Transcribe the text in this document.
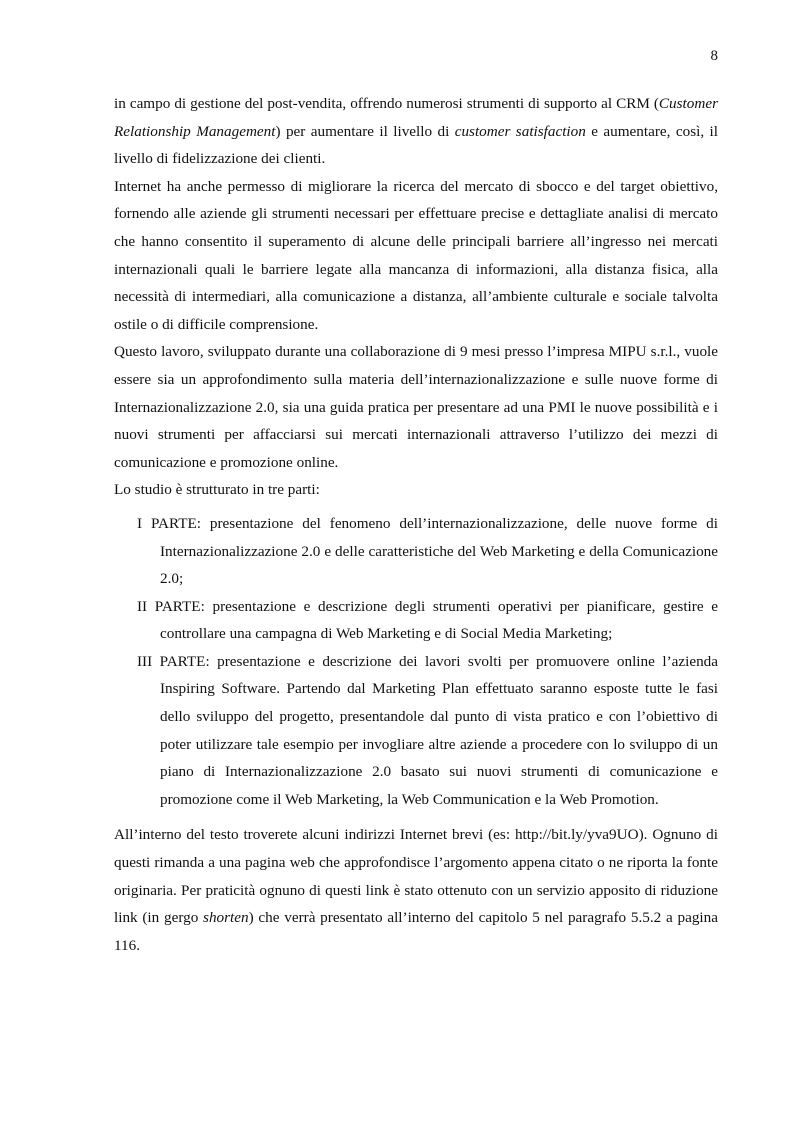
8

in campo di gestione del post-vendita, offrendo numerosi strumenti di supporto al CRM (Customer Relationship Management) per aumentare il livello di customer satisfaction e aumentare, così, il livello di fidelizzazione dei clienti.

Internet ha anche permesso di migliorare la ricerca del mercato di sbocco e del target obiettivo, fornendo alle aziende gli strumenti necessari per effettuare precise e dettagliate analisi di mercato che hanno consentito il superamento di alcune delle principali barriere all’ingresso nei mercati internazionali quali le barriere legate alla mancanza di informazioni, alla distanza fisica, alla necessità di intermediari, alla comunicazione a distanza, all’ambiente culturale e sociale talvolta ostile o di difficile comprensione.

Questo lavoro, sviluppato durante una collaborazione di 9 mesi presso l’impresa MIPU s.r.l., vuole essere sia un approfondimento sulla materia dell’internazionalizzazione e sulle nuove forme di Internazionalizzazione 2.0, sia una guida pratica per presentare ad una PMI le nuove possibilità e i nuovi strumenti per affacciarsi sui mercati internazionali attraverso l’utilizzo dei mezzi di comunicazione e promozione online.

Lo studio è strutturato in tre parti:

I PARTE: presentazione del fenomeno dell’internazionalizzazione, delle nuove forme di Internazionalizzazione 2.0 e delle caratteristiche del Web Marketing e della Comunicazione 2.0;
II PARTE: presentazione e descrizione degli strumenti operativi per pianificare, gestire e controllare una campagna di Web Marketing e di Social Media Marketing;
III PARTE: presentazione e descrizione dei lavori svolti per promuovere online l’azienda Inspiring Software. Partendo dal Marketing Plan effettuato saranno esposte tutte le fasi dello sviluppo del progetto, presentandole dal punto di vista pratico e con l’obiettivo di poter utilizzare tale esempio per invogliare altre aziende a procedere con lo sviluppo di un piano di Internazionalizzazione 2.0 basato sui nuovi strumenti di comunicazione e promozione come il Web Marketing, la Web Communication e la Web Promotion.

All’interno del testo troverete alcuni indirizzi Internet brevi (es: http://bit.ly/yva9UO). Ognuno di questi rimanda a una pagina web che approfondisce l’argomento appena citato o ne riporta la fonte originaria. Per praticità ognuno di questi link è stato ottenuto con un servizio apposito di riduzione link (in gergo shorten) che verrà presentato all’interno del capitolo 5 nel paragrafo 5.5.2 a pagina 116.
